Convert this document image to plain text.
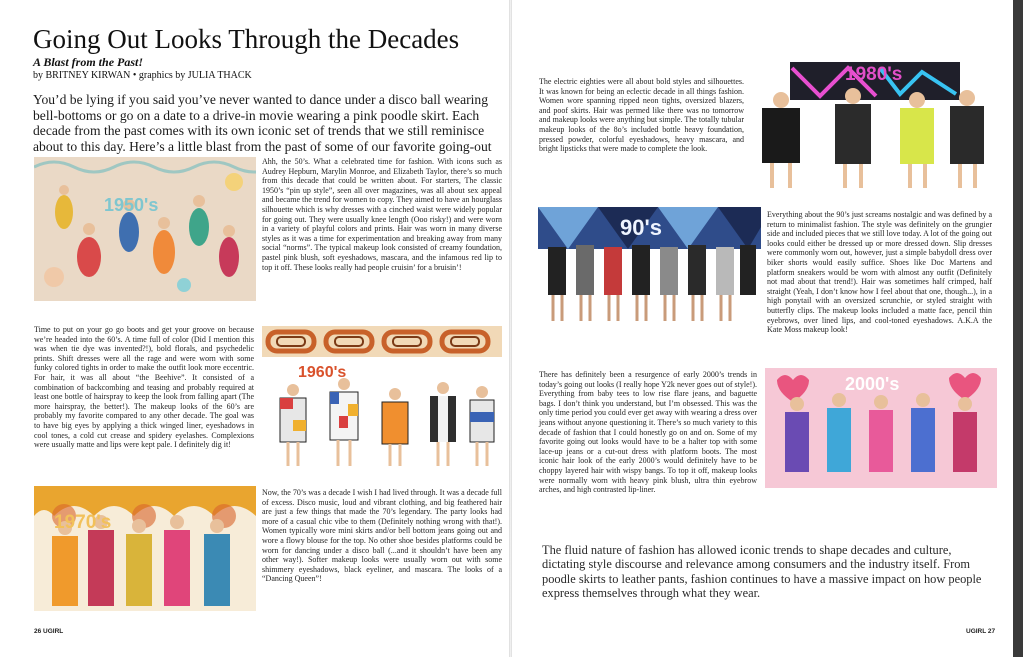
Going Out Looks Through the Decades
A Blast from the Past!
by BRITNEY KIRWAN • graphics by JULIA THACK
You’d be lying if you said you’ve never wanted to dance under a disco ball wearing bell-bottoms or go on a date to a drive-in movie wearing a pink poodle skirt. Each decade from the past comes with its own iconic set of trends that we still reminisce about to this day. Here’s a little blast from the past of some of our favorite going-out
1950's
Ahh, the 50’s. What a celebrated time for fashion. With icons such as Audrey Hepburn, Marylin Monroe, and Elizabeth Taylor, there’s so much from this decade that could be written about. For starters, The classic 1950’s “pin up style”, seen all over magazines, was all about sex appeal and became the trend for women to copy. They aimed to have an hourglass silhouette which is why dresses with a cinched waist were widely popular for going out. They were usually knee length (Ooo risky!) and were worn in a variety of playful colors and prints. Hair was worn in many diverse styles as it was a time for experimentation and breaking away from many social “norms”. The typical makeup look consisted of creamy foundation, pastel pink blush, soft eyeshadows, mascara, and the infamous red lip to top it off. These looks really had people cruisin’ for a bruisin’!
Time to put on your go go boots and get your groove on because we’re headed into the 60’s. A time full of color (Did I mention this was when tie dye was invented?!), bold florals, and psychedelic prints. Shift dresses were all the rage and were worn with some funky colored tights in order to make the outfit look more eccentric. For hair, it was all about “the Beehive”. It consisted of a combination of backcombing and teasing and probably required at least one bottle of hairspray to keep the look from falling apart (The more hairspray, the better!). The makeup looks of the 60’s are probably my favorite compared to any other decade. The goal was to have big eyes by applying a thick winged liner, eyeshadows in cool tones, a cold cut crease and spidery eyelashes. Complexions were usually matte and lips were kept pale. I definitely dig it!
1960's
1970's
Now, the 70’s was a decade I wish I had lived through. It was a decade full of excess. Disco music, loud and vibrant clothing, and big feathered hair are just a few things that made the 70’s legendary. The party looks had more of a casual chic vibe to them (Definitely nothing wrong with that!). Women typically wore mini skirts and/or bell bottom jeans going out and wore a flowy blouse for the top. No other shoe besides platforms could be worn for dancing under a disco ball (...and it shouldn’t have been any other way!). Softer makeup looks were usually worn out with some shimmery eyeshadows, black eyeliner, and mascara. The looks of a “Dancing Queen”!
26 UGIRL
The electric eighties were all about bold styles and silhouettes. It was known for being an eclectic decade in all things fashion. Women wore spanning ripped neon tights, oversized blazers, and poof skirts. Hair was permed like there was no tomorrow and makeup looks were anything but simple. The totally tubular makeup looks of the 8o’s included bottle heavy foundation, pressed powder, colorful eyeshadows, heavy mascara, and bright lipsticks that were made to complete the look.
1980's
90's
Everything about the 90’s just screams nostalgic and was defined by a return to minimalist fashion. The style was definitely on the grungier side and included pieces that we still love today. A lot of the going out looks could either be dressed up or more dressed down. Slip dresses were commonly worn out, however, just a simple babydoll dress over biker shorts would easily suffice. Shoes like Doc Martens and platform sneakers would be worn with almost any outfit (Definitely not mad about that trend!). Hair was sometimes half crimped, half straight (Yeah, I don’t know how I feel about that one, though...), in a high ponytail with an oversized scrunchie, or styled straight with butterfly clips. The makeup looks included a matte face, pencil thin eyebrows, over lined lips, and cool-toned eyeshadows. A.K.A the Kate Moss makeup look!
There has definitely been a resurgence of early 2000’s trends in today’s going out looks (I really hope Y2k never goes out of style!). Everything from baby tees to low rise flare jeans, and baguette bags. I don’t think you understand, but I’m obsessed. This was the only time period you could ever get away with wearing a dress over jeans without anyone questioning it. There’s so much variety to this decade of fashion that I could honestly go on and on. Some of my favorite going out looks would have to be a halter top with some lace-up jeans or a cut-out dress with platform boots. The most iconic hair look of the early 2000’s would definitely have to be choppy layered hair with wispy bangs. To top it off, makeup looks were normally worn with heavy pink blush, ultra thin eyebrow arches, and high contrasted lip-liner.
2000's
The fluid nature of fashion has allowed iconic trends to shape decades and culture, dictating style discourse and relevance among consumers and the industry itself. From poodle skirts to leather pants, fashion continues to have a massive impact on how people express themselves through what they wear.
UGIRL 27
